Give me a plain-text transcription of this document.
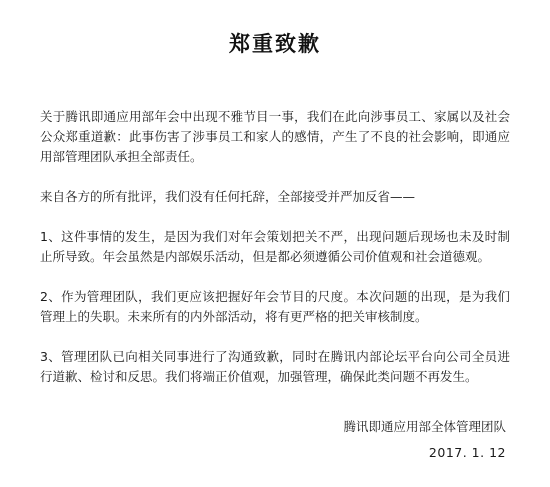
郑重致歉

关于腾讯即通应用部年会中出现不雅节目一事，我们在此向涉事员工、家属以及社会公众郑重道歉：此事伤害了涉事员工和家人的感情，产生了不良的社会影响，即通应用部管理团队承担全部责任。

来自各方的所有批评，我们没有任何托辞，全部接受并严加反省——

1、这件事情的发生，是因为我们对年会策划把关不严，出现问题后现场也未及时制止所导致。年会虽然是内部娱乐活动，但是都必须遵循公司价值观和社会道德观。

2、作为管理团队，我们更应该把握好年会节目的尺度。本次问题的出现，是为我们管理上的失职。未来所有的内外部活动，将有更严格的把关审核制度。

3、管理团队已向相关同事进行了沟通致歉，同时在腾讯内部论坛平台向公司全员进行道歉、检讨和反思。我们将端正价值观，加强管理，确保此类问题不再发生。

腾讯即通应用部全体管理团队
2017. 1. 12
